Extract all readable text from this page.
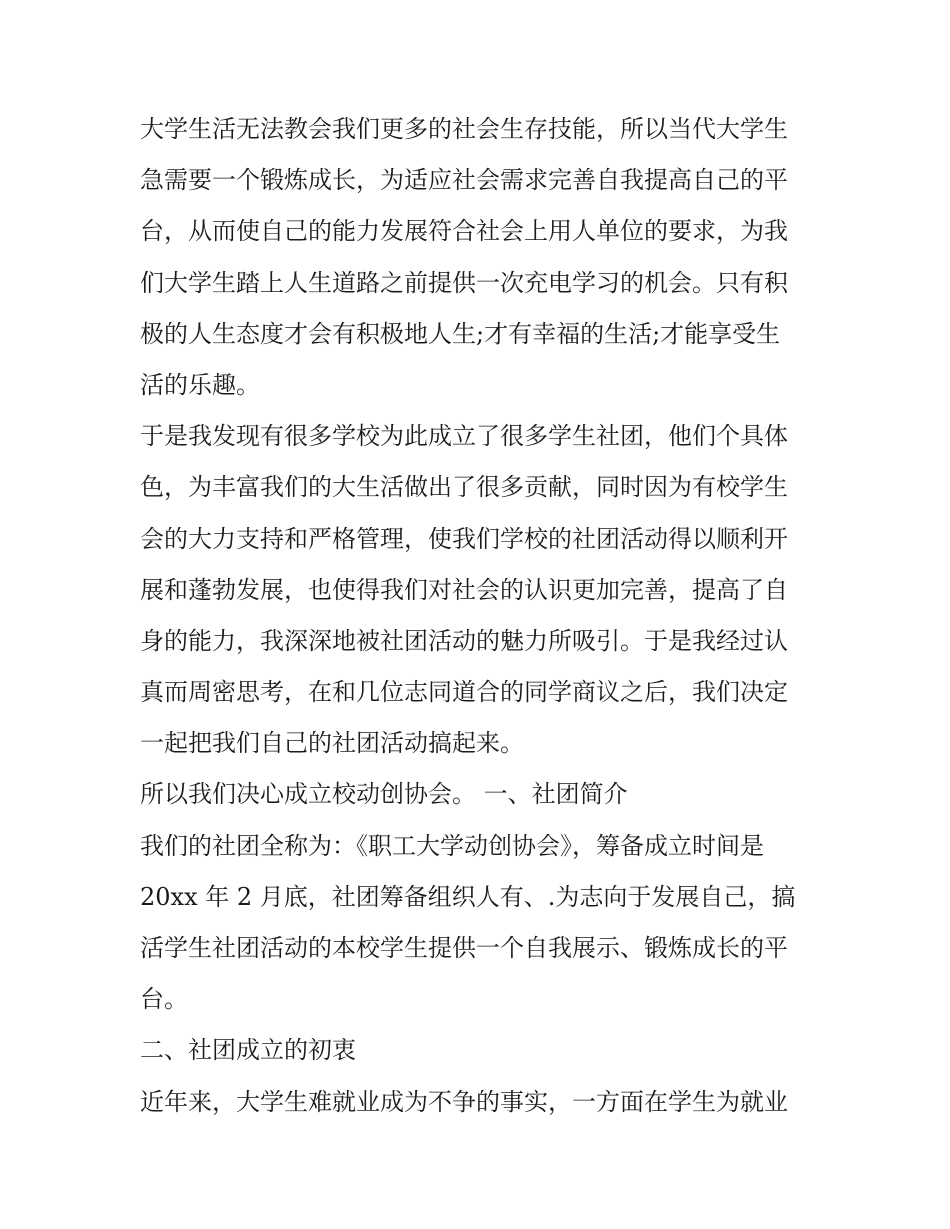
大学生活无法教会我们更多的社会生存技能，所以当代大学生
急需要一个锻炼成长，为适应社会需求完善自我提高自己的平
台，从而使自己的能力发展符合社会上用人单位的要求，为我
们大学生踏上人生道路之前提供一次充电学习的机会。只有积
极的人生态度才会有积极地人生;才有幸福的生活;才能享受生
活的乐趣。
于是我发现有很多学校为此成立了很多学生社团，他们个具体
色，为丰富我们的大生活做出了很多贡献，同时因为有校学生
会的大力支持和严格管理，使我们学校的社团活动得以顺利开
展和蓬勃发展，也使得我们对社会的认识更加完善，提高了自
身的能力，我深深地被社团活动的魅力所吸引。于是我经过认
真而周密思考，在和几位志同道合的同学商议之后，我们决定
一起把我们自己的社团活动搞起来。
所以我们决心成立校动创协会。 一、社团简介
我们的社团全称为：《职工大学动创协会》，筹备成立时间是
20xx 年 2 月底，社团筹备组织人有、.为志向于发展自己，搞
活学生社团活动的本校学生提供一个自我展示、锻炼成长的平
台。
二、社团成立的初衷
近年来，大学生难就业成为不争的事实，一方面在学生为就业
